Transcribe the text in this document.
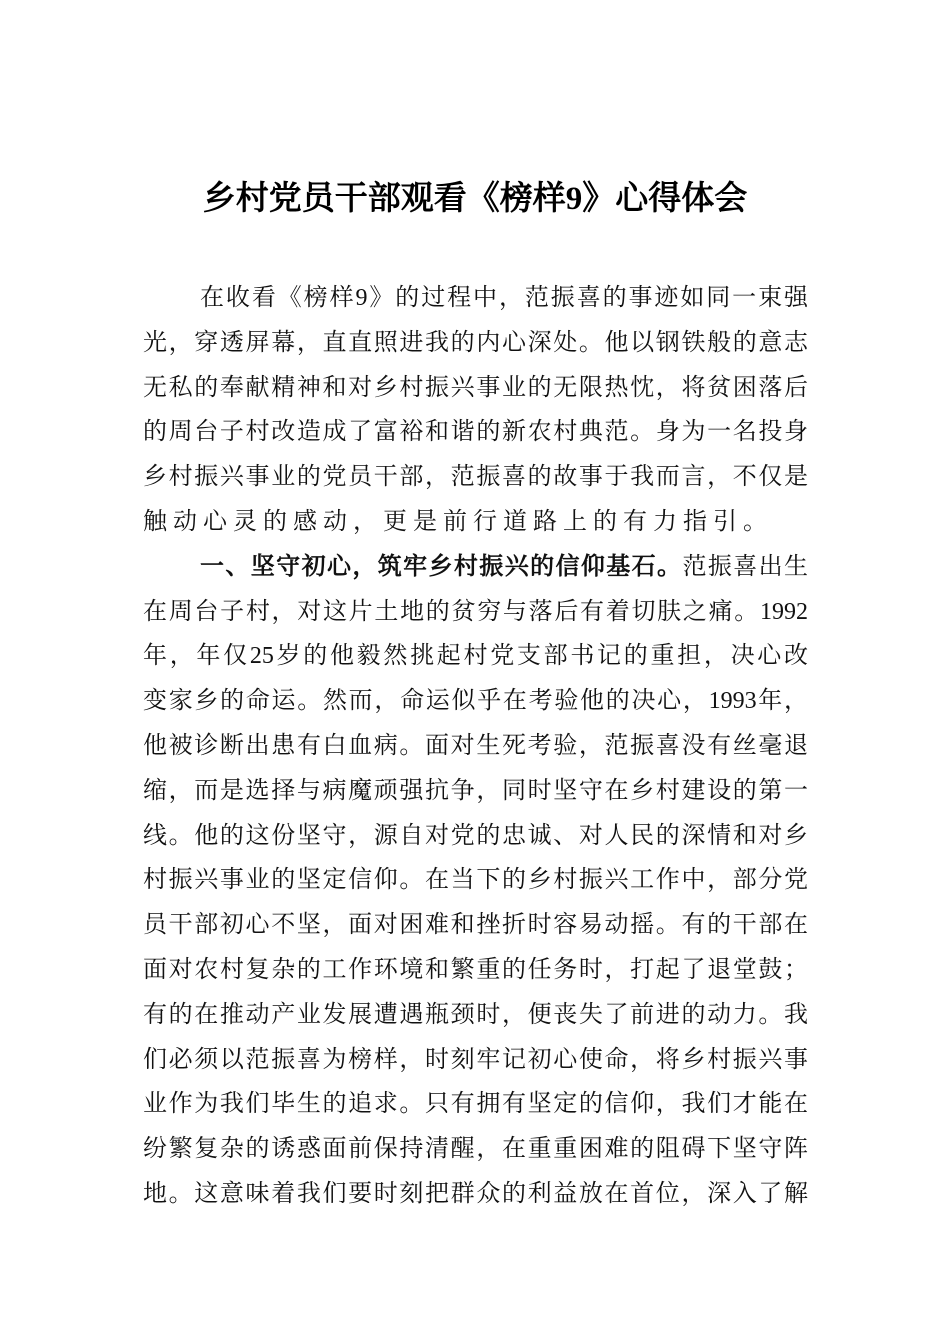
乡村党员干部观看《榜样9》心得体会
在收看《榜样9》的过程中，范振喜的事迹如同一束强
光，穿透屏幕，直直照进我的内心深处。他以钢铁般的意志
无私的奉献精神和对乡村振兴事业的无限热忱，将贫困落后
的周台子村改造成了富裕和谐的新农村典范。身为一名投身
乡村振兴事业的党员干部，范振喜的故事于我而言，不仅是
触动心灵的感动，更是前行道路上的有力指引。
一、坚守初心，筑牢乡村振兴的信仰基石。范振喜出生
在周台子村，对这片土地的贫穷与落后有着切肤之痛。1992
年，年仅25岁的他毅然挑起村党支部书记的重担，决心改
变家乡的命运。然而，命运似乎在考验他的决心，1993年，
他被诊断出患有白血病。面对生死考验，范振喜没有丝毫退
缩，而是选择与病魔顽强抗争，同时坚守在乡村建设的第一
线。他的这份坚守，源自对党的忠诚、对人民的深情和对乡
村振兴事业的坚定信仰。在当下的乡村振兴工作中，部分党
员干部初心不坚，面对困难和挫折时容易动摇。有的干部在
面对农村复杂的工作环境和繁重的任务时，打起了退堂鼓；
有的在推动产业发展遭遇瓶颈时，便丧失了前进的动力。我
们必须以范振喜为榜样，时刻牢记初心使命，将乡村振兴事
业作为我们毕生的追求。只有拥有坚定的信仰，我们才能在
纷繁复杂的诱惑面前保持清醒，在重重困难的阻碍下坚守阵
地。这意味着我们要时刻把群众的利益放在首位，深入了解
